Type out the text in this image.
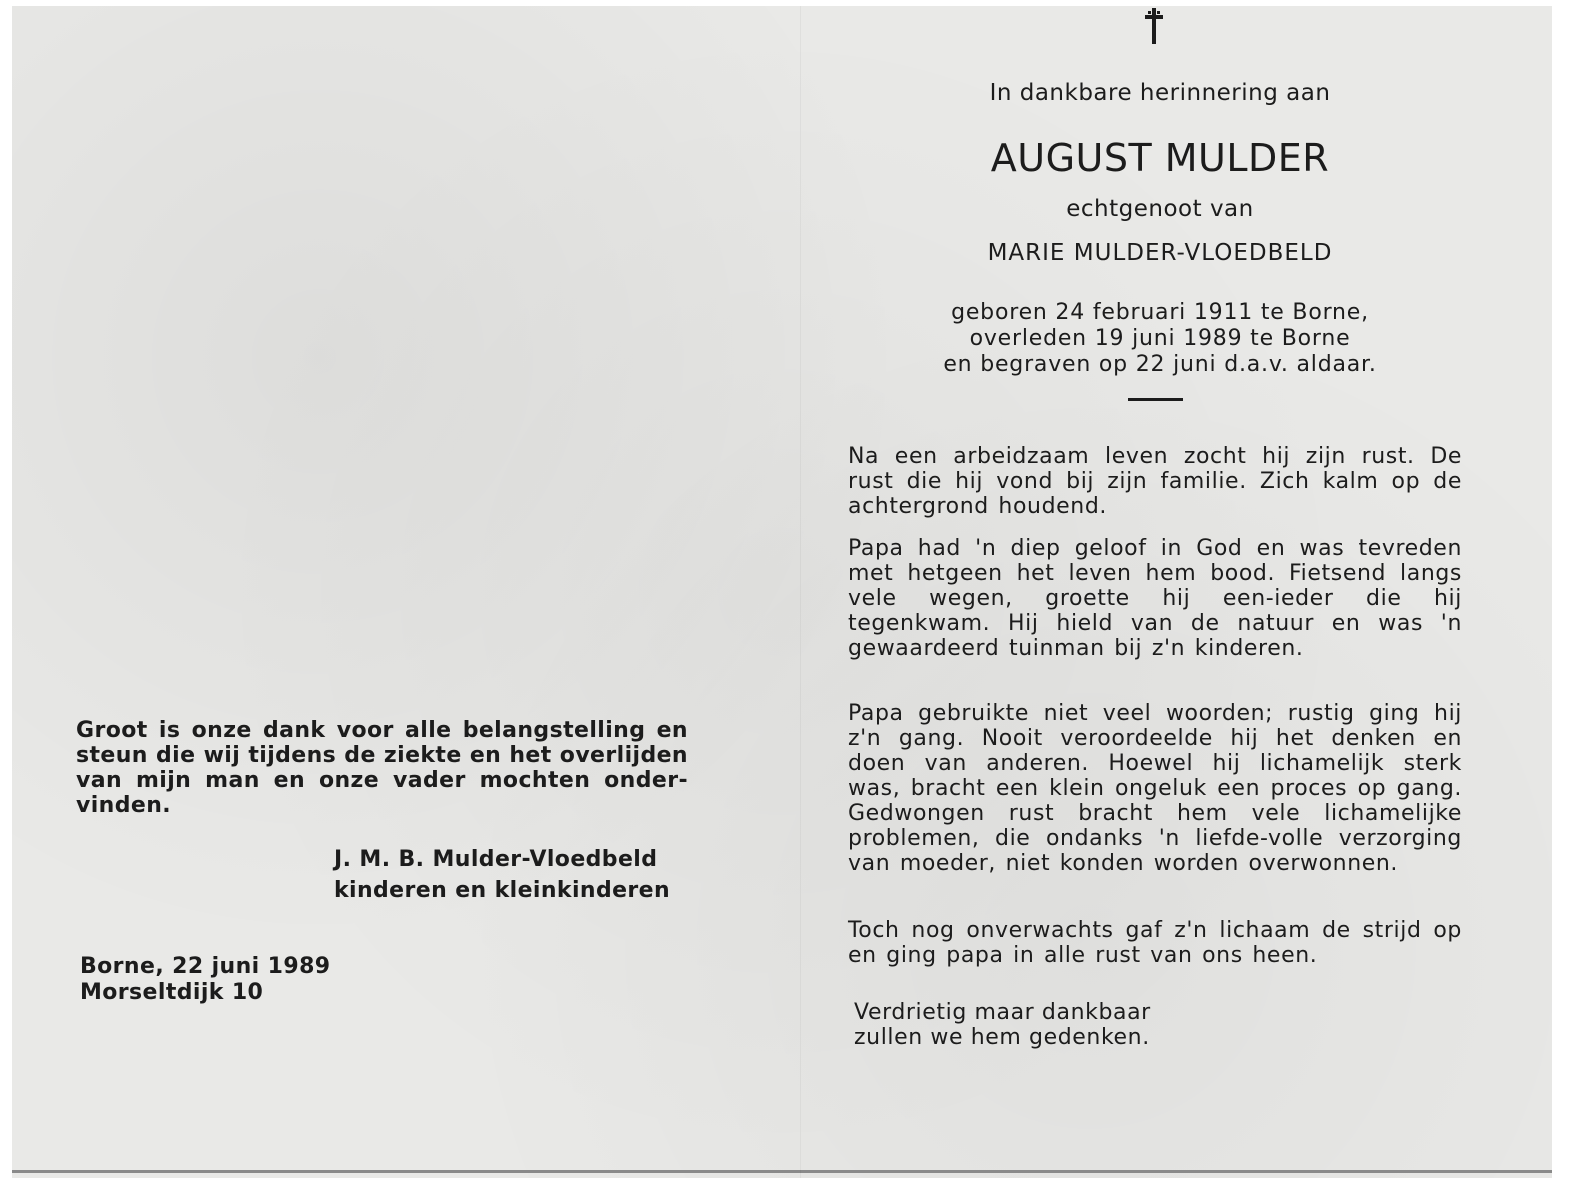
In dankbare herinnering aan
AUGUST MULDER
echtgenoot van
MARIE MULDER-VLOEDBELD
geboren 24 februari 1911 te Borne,
overleden 19 juni 1989 te Borne
en begraven op 22 juni d.a.v. aldaar.

Na een arbeidzaam leven zocht hij zijn rust. De rust die hij vond bij zijn familie. Zich kalm op de achtergrond houdend.

Papa had 'n diep geloof in God en was tevreden met hetgeen het leven hem bood. Fietsend langs vele wegen, groette hij een-ieder die hij tegenkwam. Hij hield van de natuur en was 'n gewaardeerd tuinman bij z'n kinderen.

Papa gebruikte niet veel woorden; rustig ging hij z'n gang. Nooit veroordeelde hij het denken en doen van anderen. Hoewel hij lichamelijk sterk was, bracht een klein ongeluk een proces op gang. Gedwongen rust bracht hem vele lichamelijke problemen, die ondanks 'n liefde-volle verzorging van moeder, niet konden worden overwonnen.

Toch nog onverwachts gaf z'n lichaam de strijd op en ging papa in alle rust van ons heen.

Verdrietig maar dankbaar
zullen we hem gedenken.
Groot is onze dank voor alle belangstelling en steun die wij tijdens de ziekte en het overlijden van mijn man en onze vader mochten onder-vinden.
J. M. B. Mulder-Vloedbeld
kinderen en kleinkinderen
Borne, 22 juni 1989
Morseltdijk 10
